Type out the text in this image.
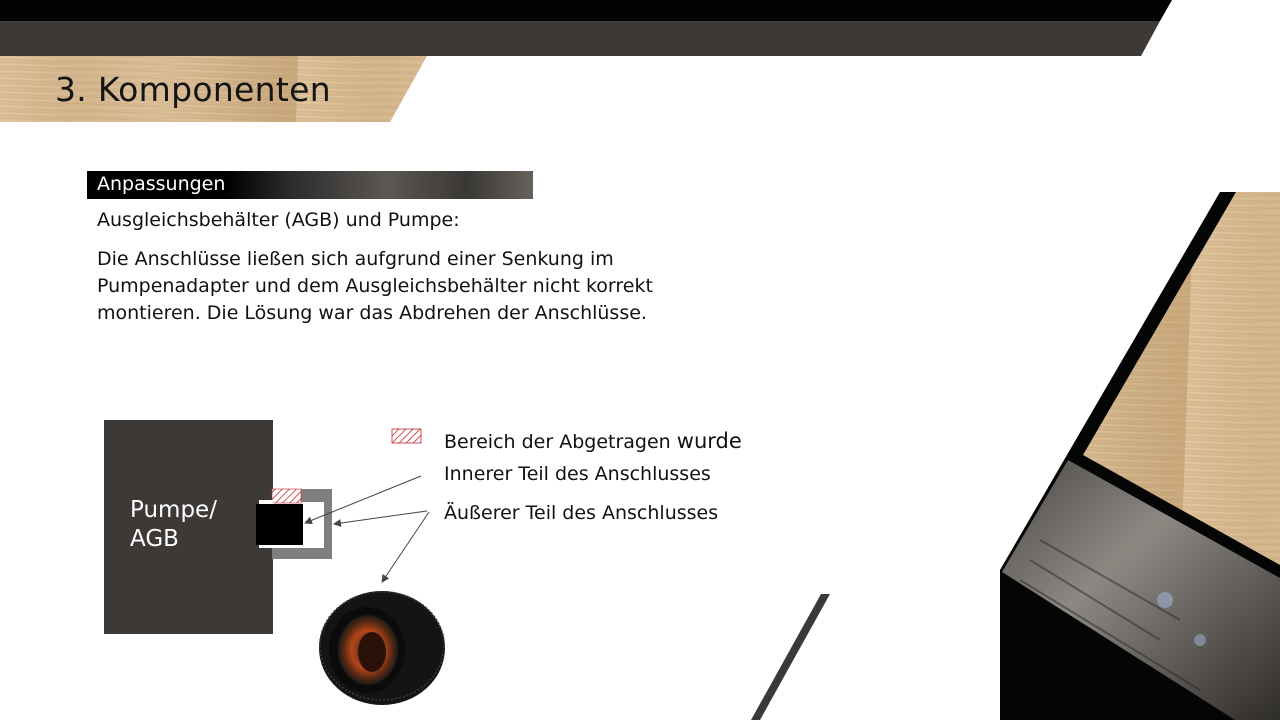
3. Komponenten
Anpassungen
Ausgleichsbehälter (AGB) und Pumpe:
Die Anschlüsse ließen sich aufgrund einer Senkung im Pumpenadapter und dem Ausgleichsbehälter nicht korrekt montieren. Die Lösung war das Abdrehen der Anschlüsse.
Pumpe/
AGB
Bereich der Abgetragen wurde
Innerer Teil des Anschlusses
Äußerer Teil des Anschlusses
